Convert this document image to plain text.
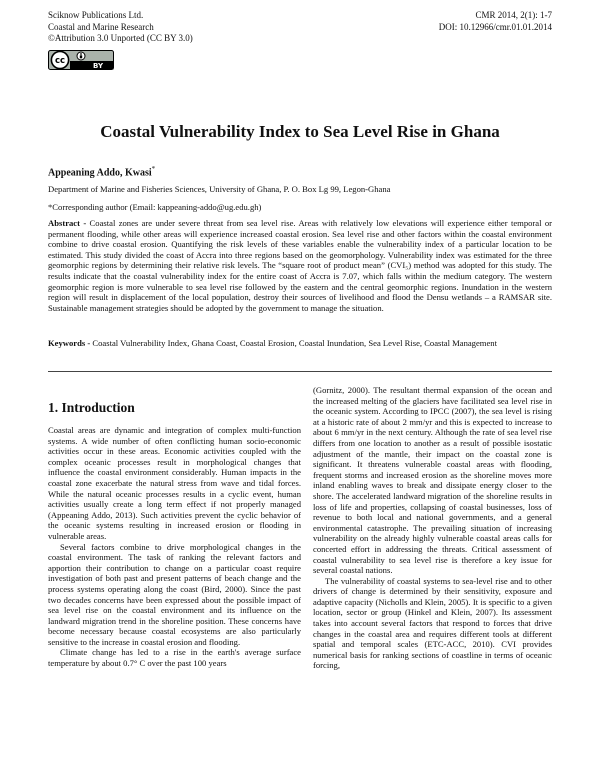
Sciknow Publications Ltd.
Coastal and Marine Research
©Attribution 3.0 Unported (CC BY 3.0)
CMR 2014, 2(1): 1-7
DOI: 10.12966/cmr.01.01.2014
cc	BY
Coastal Vulnerability Index to Sea Level Rise in Ghana
Appeaning Addo, Kwasi*
Department of Marine and Fisheries Sciences, University of Ghana, P. O. Box Lg 99, Legon-Ghana
*Corresponding author (Email: kappeaning-addo@ug.edu.gh)
Abstract - Coastal zones are under severe threat from sea level rise. Areas with relatively low elevations will experience either temporal or permanent flooding, while other areas will experience increased coastal erosion. Sea level rise and other factors within the coastal environment combine to drive coastal erosion. Quantifying the risk levels of these variables enable the vulnerability index of a particular location to be estimated. This study divided the coast of Accra into three regions based on the geomorphology. Vulnerability index was estimated for the three geomorphic regions by determining their relative risk levels. The “square root of product mean” (CVI₅) method was adopted for this study. The results indicate that the coastal vulnerability index for the entire coast of Accra is 7.07, which falls within the medium category. The western geomorphic region is more vulnerable to sea level rise followed by the eastern and the central geomorphic regions. Inundation in the western region will result in displacement of the local population, destroy their sources of livelihood and flood the Densu wetlands – a RAMSAR site. Sustainable management strategies should be adopted by the government to manage the situation.
Keywords - Coastal Vulnerability Index, Ghana Coast, Coastal Erosion, Coastal Inundation, Sea Level Rise, Coastal Management
1. Introduction

Coastal areas are dynamic and integration of complex multi-function systems. A wide number of often conflicting human socio-economic activities occur in these areas. Economic activities coupled with the complex oceanic processes result in morphological changes that influence the coastal environment considerably. Human impacts in the coastal zone exacerbate the natural stress from wave and tidal forces. While the natural oceanic processes results in a cyclic event, human activities usually create a long term effect if not properly managed (Appeaning Addo, 2013). Such activities prevent the cyclic behavior of the oceanic systems resulting in increased erosion or flooding in vulnerable areas.

Several factors combine to drive morphological changes in the coastal environment. The task of ranking the relevant factors and apportion their contribution to change on a particular coast require investigation of both past and present patterns of beach change and the process systems operating along the coast (Bird, 2000). Since the past two decades concerns have been expressed about the possible impact of sea level rise on the coastal environment and its influence on the landward migration trend in the shoreline position. These concerns have become necessary because coastal ecosystems are also particularly sensitive to the increase in coastal erosion and flooding.

Climate change has led to a rise in the earth's average surface temperature by about 0.7° C over the past 100 years

(Gornitz, 2000). The resultant thermal expansion of the ocean and the increased melting of the glaciers have facilitated sea level rise in the oceanic system. According to IPCC (2007), the sea level is rising at a historic rate of about 2 mm/yr and this is expected to increase to about 6 mm/yr in the next century. Although the rate of sea level rise differs from one location to another as a result of possible isostatic adjustment of the mantle, their impact on the coastal zone is significant. It threatens vulnerable coastal areas with flooding, frequent storms and increased erosion as the shoreline moves more inland enabling waves to break and dissipate energy closer to the shore. The accelerated landward migration of the shoreline results in loss of life and properties, collapsing of coastal businesses, loss of revenue to both local and national governments, and a general environmental catastrophe. The prevailing situation of increasing vulnerability on the already highly vulnerable coastal areas calls for concerted effort in addressing the threats. Critical assessment of coastal vulnerability to sea level rise is therefore a key issue for several coastal nations.

The vulnerability of coastal systems to sea-level rise and to other drivers of change is determined by their sensitivity, exposure and adaptive capacity (Nicholls and Klein, 2005). It is specific to a given location, sector or group (Hinkel and Klein, 2007). Its assessment takes into account several factors that respond to forces that drive changes in the coastal area and requires different tools at different spatial and temporal scales (ETC-ACC, 2010). CVI provides numerical basis for ranking sections of coastline in terms of oceanic forcing,
